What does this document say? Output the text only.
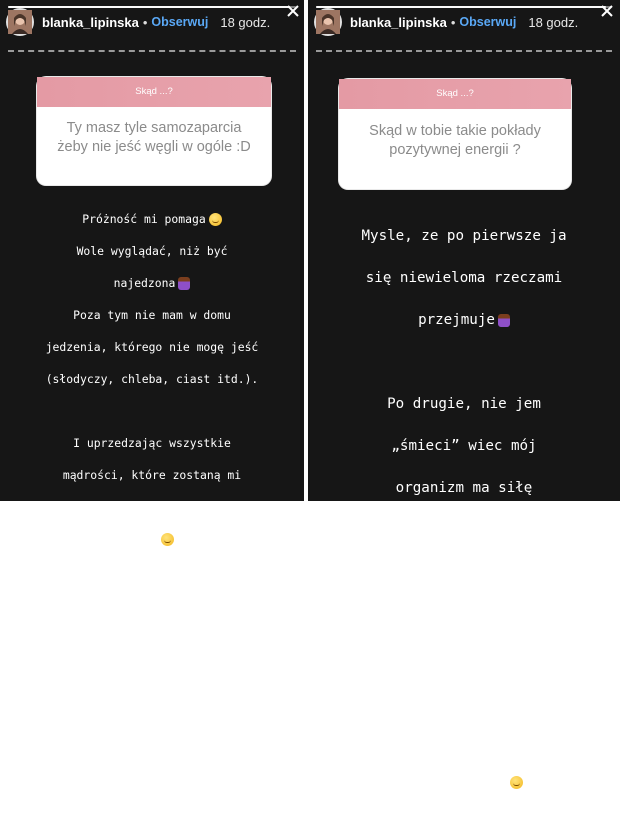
blanka_lipinska • Obserwuj 18 godz.
Skąd ...?
Ty masz tyle samozaparcia żeby nie jeść węgli w ogóle :D

Próżność mi pomaga

Wole wyglądać, niż być

najedzona

Poza tym nie mam w domu

jedzenia, którego nie mogę jeść

(słodyczy, chleba, ciast itd.).

I uprzedzając wszystkie

mądrości, które zostaną mi

wysłane pt. możesz ćwiczyć i

jeść

Nie mogę, bo przy takiej

genetyce jak moja, wyglądałabym

jak mutant, a poza tym ja zle

się czuje po zjedzeniu

węglowodanów.

blanka_lipinska • Obserwuj 18 godz.
Skąd ...?
Skąd w tobie takie pokłady pozytywnej energii ?

Mysle, ze po pierwsze ja

się niewieloma rzeczami

przejmuje

Po drugie, nie jem

„śmieci” wiec mój

organizm ma siłę

funkcjonować z większa

energią.

A po trzecie wagonami

łykam Licur7000 i to

kurkumina z vit D daje mi

takiego kopa
